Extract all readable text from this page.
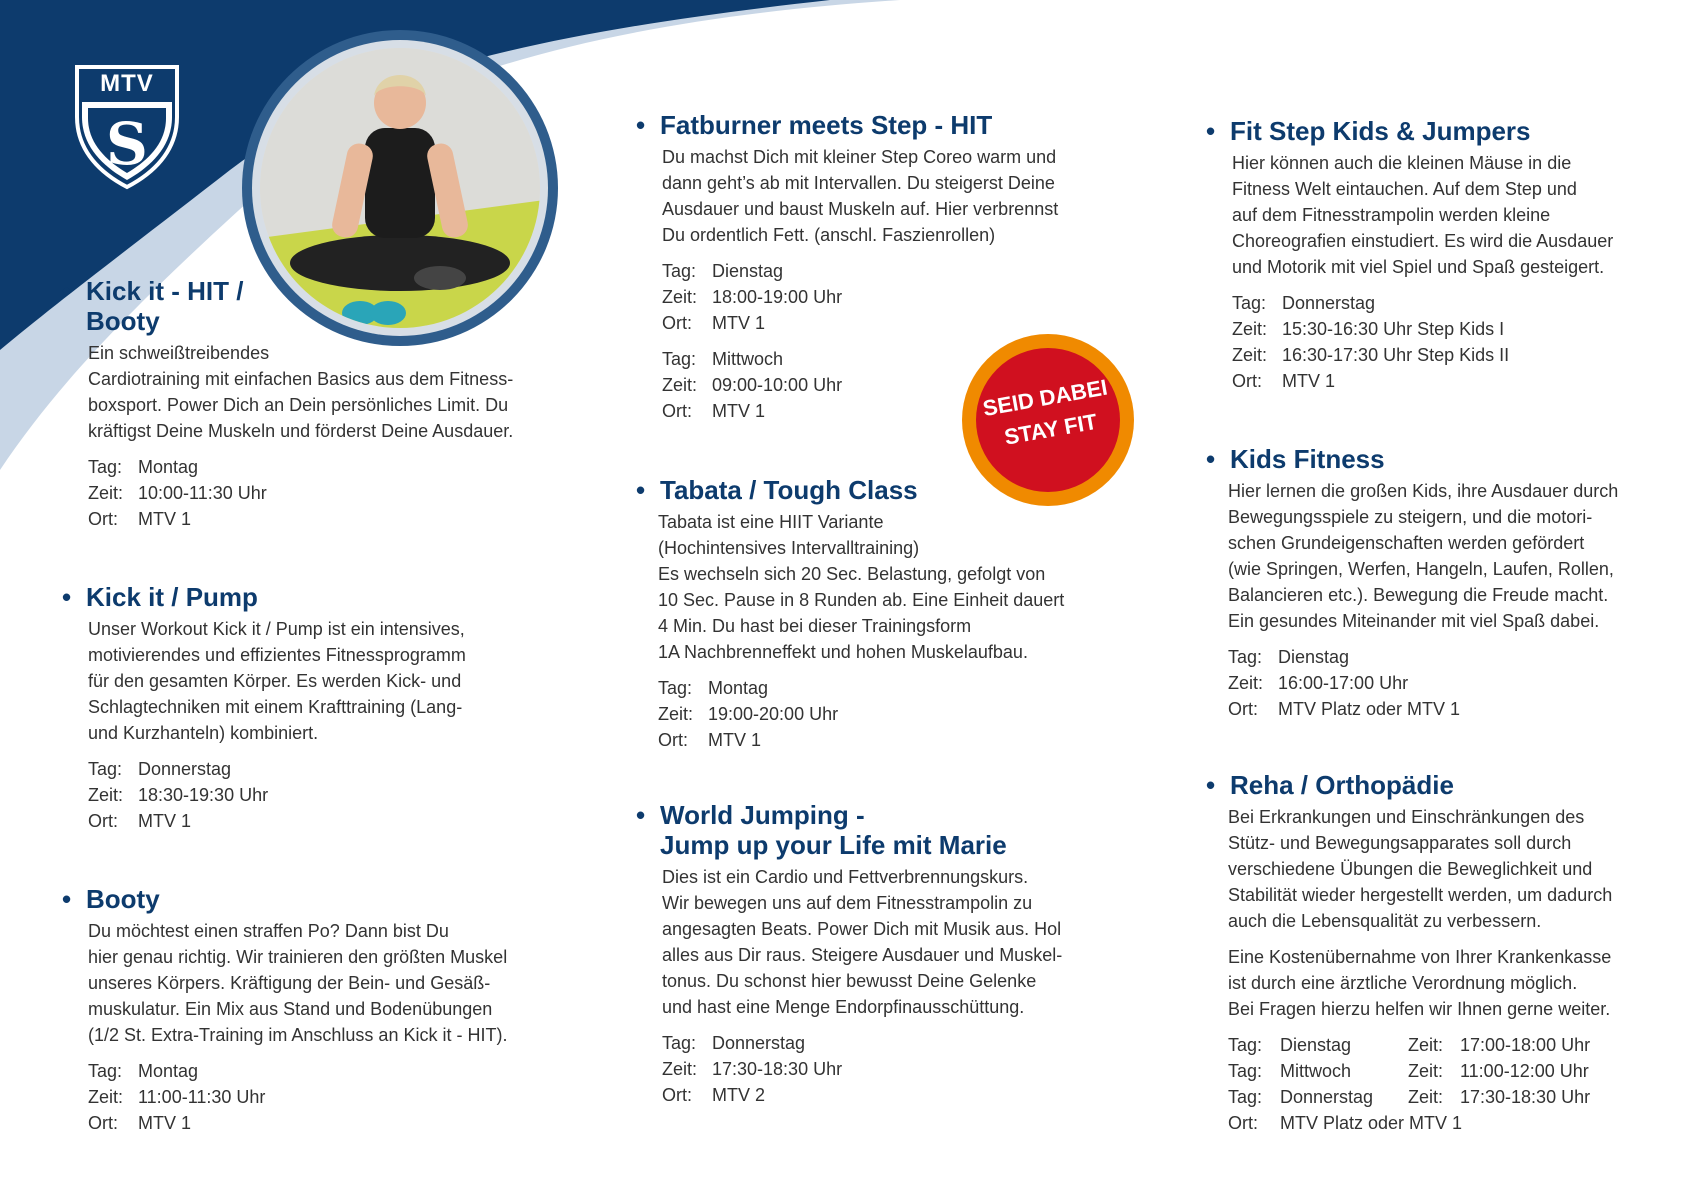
S
MTV
SEID DABEI
STAY FIT
• Kick it - HIT /
Booty

Ein schweißtreibendes

Cardiotraining mit einfachen Basics aus dem Fitness-

boxsport. Power Dich an Dein persönliches Limit. Du

kräftigst Deine Muskeln und förderst Deine Ausdauer.

Tag: Montag
Zeit: 10:00-11:30 Uhr
Ort:	MTV 1
• Kick it / Pump

Unser Workout Kick it / Pump ist ein intensives,

motivierendes und effizientes Fitnessprogramm

für den gesamten Körper. Es werden Kick- und

Schlagtechniken mit einem Krafttraining (Lang-

und Kurzhanteln) kombiniert.

Tag: Donnerstag
Zeit: 18:30-19:30 Uhr
Ort:	MTV 1
• Booty

Du möchtest einen straffen Po? Dann bist Du

hier genau richtig. Wir trainieren den größten Muskel

unseres Körpers. Kräftigung der Bein- und Gesäß-

muskulatur. Ein Mix aus Stand und Bodenübungen

(1/2 St. Extra-Training im Anschluss an Kick it - HIT).

Tag: Montag
Zeit: 11:00-11:30 Uhr
Ort:	MTV 1
• Fatburner meets Step - HIT

Du machst Dich mit kleiner Step Coreo warm und

dann geht’s ab mit Intervallen. Du steigerst Deine

Ausdauer und baust Muskeln auf. Hier verbrennst

Du ordentlich Fett. (anschl. Faszienrollen)

Tag: Dienstag
Zeit: 18:00-19:00 Uhr
Ort:	MTV 1
Tag: Mittwoch
Zeit: 09:00-10:00 Uhr
Ort:	MTV 1
• Tabata / Tough Class

Tabata ist eine HIIT Variante

(Hochintensives Intervalltraining)

Es wechseln sich 20 Sec. Belastung, gefolgt von

10 Sec. Pause in 8 Runden ab. Eine Einheit dauert

4 Min. Du hast bei dieser Trainingsform

1A Nachbrenneffekt und hohen Muskelaufbau.

Tag: Montag
Zeit: 19:00-20:00 Uhr
Ort:	MTV 1
• World Jumping -
Jump up your Life mit Marie

Dies ist ein Cardio und Fettverbrennungskurs.

Wir bewegen uns auf dem Fitnesstrampolin zu

angesagten Beats. Power Dich mit Musik aus. Hol

alles aus Dir raus. Steigere Ausdauer und Muskel-

tonus. Du schonst hier bewusst Deine Gelenke

und hast eine Menge Endorpfinausschüttung.

Tag: Donnerstag
Zeit: 17:30-18:30 Uhr
Ort:	MTV 2
• Fit Step Kids & Jumpers

Hier können auch die kleinen Mäuse in die

Fitness Welt eintauchen. Auf dem Step und

auf dem Fitnesstrampolin werden kleine

Choreografien einstudiert. Es wird die Ausdauer

und Motorik mit viel Spiel und Spaß gesteigert.

Tag: Donnerstag
Zeit: 15:30-16:30 Uhr Step Kids I
Zeit: 16:30-17:30 Uhr Step Kids II
Ort:	MTV 1
• Kids Fitness

Hier lernen die großen Kids, ihre Ausdauer durch

Bewegungsspiele zu steigern, und die motori-

schen Grundeigenschaften werden gefördert

(wie Springen, Werfen, Hangeln, Laufen, Rollen,

Balancieren etc.). Bewegung die Freude macht.

Ein gesundes Miteinander mit viel Spaß dabei.

Tag: Dienstag
Zeit: 16:00-17:00 Uhr
Ort:	MTV Platz oder MTV 1
• Reha / Orthopädie

Bei Erkrankungen und Einschränkungen des

Stütz- und Bewegungsapparates soll durch

verschiedene Übungen die Beweglichkeit und

Stabilität wieder hergestellt werden, um dadurch

auch die Lebensqualität zu verbessern.

Eine Kostenübernahme von Ihrer Krankenkasse

ist durch eine ärztliche Verordnung möglich.

Bei Fragen hierzu helfen wir Ihnen gerne weiter.

Tag: Dienstag	Zeit: 17:00-18:00 Uhr
Tag: Mittwoch	Zeit: 11:00-12:00 Uhr
Tag: Donnerstag	Zeit: 17:30-18:30 Uhr
Ort:	MTV Platz oder MTV 1
